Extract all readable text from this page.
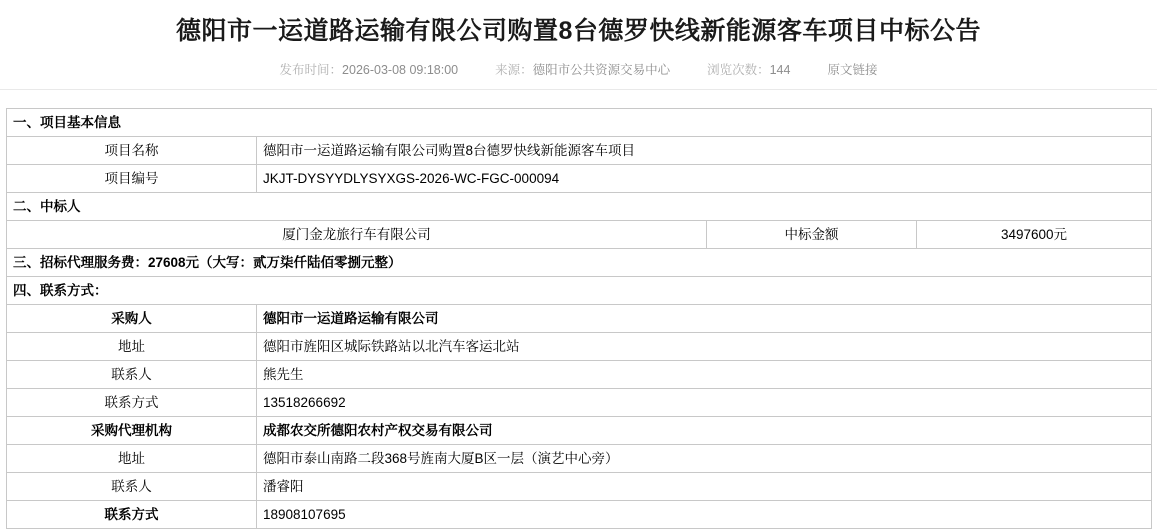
德阳市一运道路运输有限公司购置8台德罗快线新能源客车项目中标公告
发布时间：2026-03-08 09:18:00	来源：德阳市公共资源交易中心	浏览次数：144	原文链接
一、项目基本信息			
项目名称	德阳市一运道路运输有限公司购置8台德罗快线新能源客车项目		
项目编号	JKJT-DYSYYDLYSYXGS-2026-WC-FGC-000094		
二、中标人			
厦门金龙旅行车有限公司		中标金额	3497600元
三、招标代理服务费：27608元（大写：贰万柒仟陆佰零捌元整）			
四、联系方式：			
采购人	德阳市一运道路运输有限公司		
地址	德阳市旌阳区城际铁路站以北汽车客运北站		
联系人	熊先生		
联系方式	13518266692		
采购代理机构	成都农交所德阳农村产权交易有限公司		
地址	德阳市泰山南路二段368号旌南大厦B区一层（演艺中心旁）		
联系人	潘睿阳		
联系方式	18908107695		
